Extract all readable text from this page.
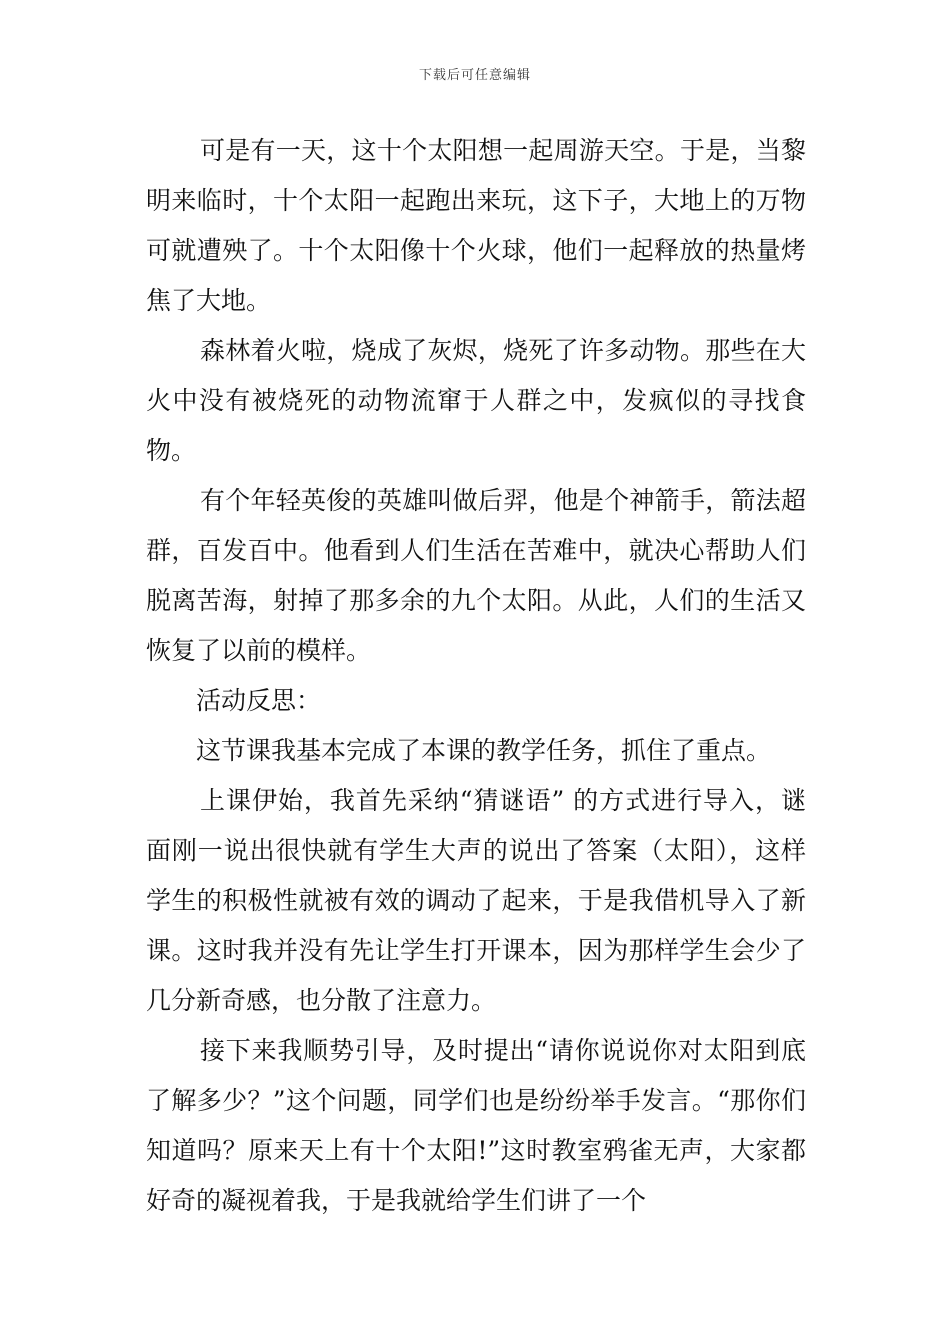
下载后可任意编辑

可是有一天，这十个太阳想一起周游天空。于是，当黎明来临时，十个太阳一起跑出来玩，这下子，大地上的万物可就遭殃了。十个太阳像十个火球，他们一起释放的热量烤焦了大地。

森林着火啦，烧成了灰烬，烧死了许多动物。那些在大火中没有被烧死的动物流窜于人群之中，发疯似的寻找食物。

有个年轻英俊的英雄叫做后羿，他是个神箭手，箭法超群，百发百中。他看到人们生活在苦难中，就决心帮助人们脱离苦海，射掉了那多余的九个太阳。从此，人们的生活又恢复了以前的模样。

活动反思：

这节课我基本完成了本课的教学任务，抓住了重点。

上课伊始，我首先采纳“猜谜语” 的方式进行导入，谜面刚一说出很快就有学生大声的说出了答案（太阳），这样学生的积极性就被有效的调动了起来，于是我借机导入了新课。这时我并没有先让学生打开课本，因为那样学生会少了几分新奇感，也分散了注意力。

接下来我顺势引导，及时提出“请你说说你对太阳到底了解多少？”这个问题，同学们也是纷纷举手发言。“那你们知道吗？原来天上有十个太阳!”这时教室鸦雀无声，大家都好奇的凝视着我，于是我就给学生们讲了一个
